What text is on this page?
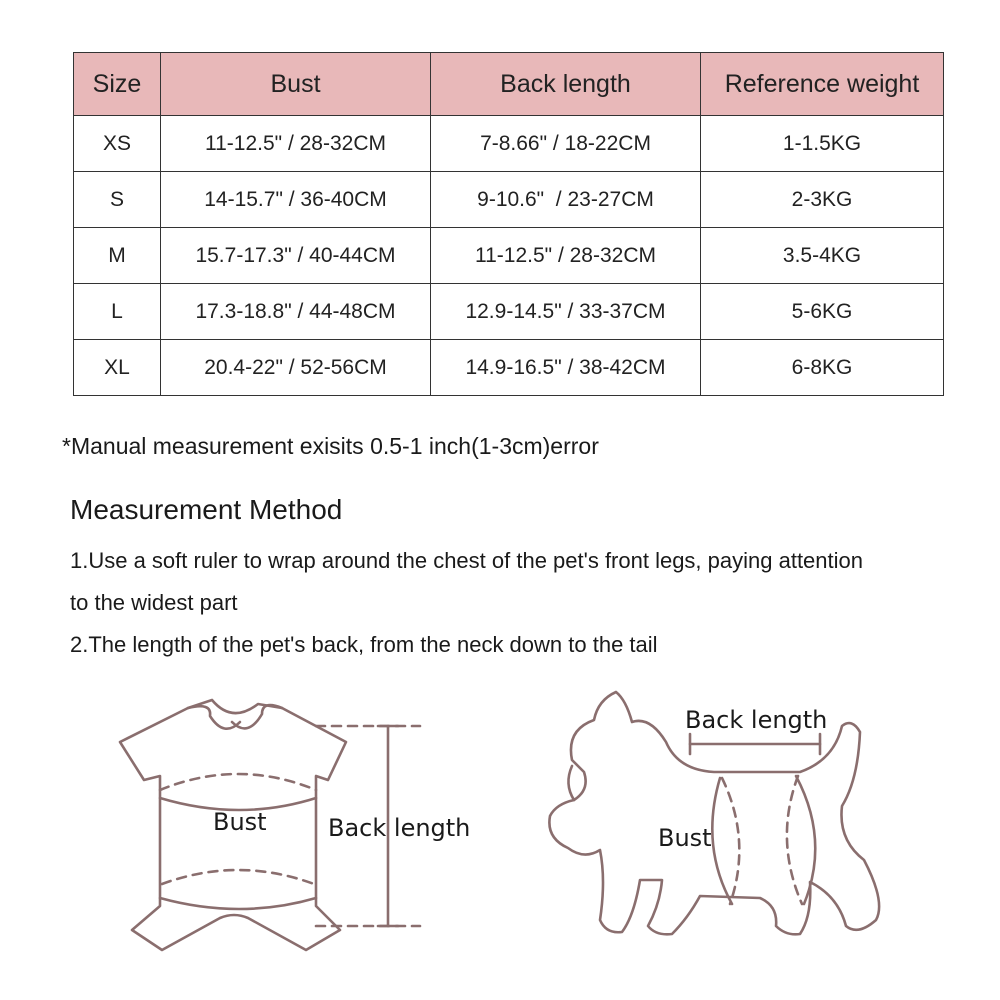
Size	Bust	Back length	Reference weight
XS	11-12.5" / 28-32CM	7-8.66" / 18-22CM	1-1.5KG
S	14-15.7" / 36-40CM	9-10.6"  / 23-27CM	2-3KG
M	15.7-17.3" / 40-44CM	11-12.5" / 28-32CM	3.5-4KG
L	17.3-18.8" / 44-48CM	12.9-14.5" / 33-37CM	5-6KG
XL	20.4-22" / 52-56CM	14.9-16.5" / 38-42CM	6-8KG
*Manual measurement exisits 0.5-1 inch(1-3cm)error
Measurement Method
1.Use a soft ruler to wrap around the chest of the pet's front legs, paying attention
to the widest part
2.The length of the pet's back, from the neck down to the tail
Bust	Back length
Back length
Bust
